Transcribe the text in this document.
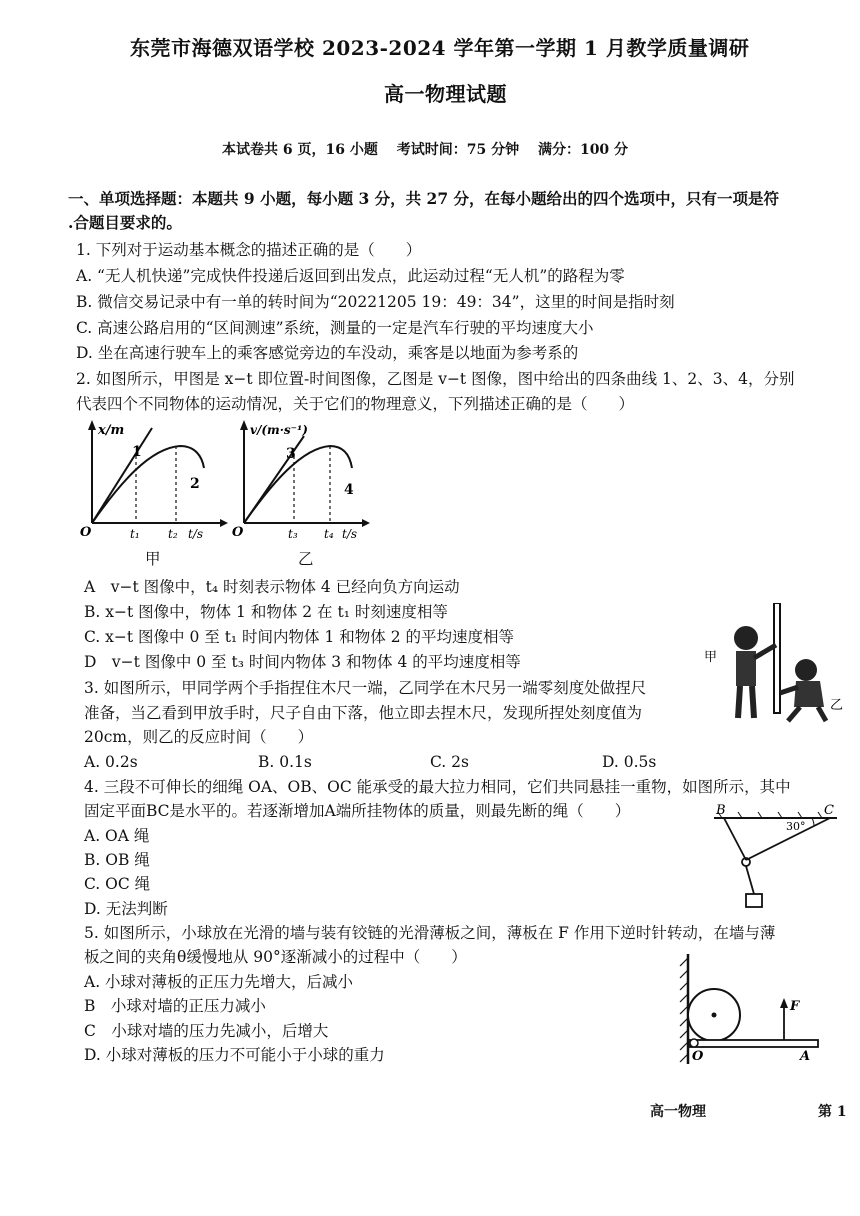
东莞市海德双语学校 2023-2024 学年第一学期 1 月教学质量调研
高一物理试题
本试卷共 6 页，16 小题　 考试时间：75 分钟　 满分：100 分
一、单项选择题：本题共 9 小题，每小题 3 分，共 27 分，在每小题给出的四个选项中，只有一项是符
.合题目要求的。
1. 下列对于运动基本概念的描述正确的是（　　）
A. “无人机快递”完成快件投递后返回到出发点，此运动过程“无人机”的路程为零
B. 微信交易记录中有一单的转时间为“20221205 19：49：34”，这里的时间是指时刻
C. 高速公路启用的“区间测速”系统，测量的一定是汽车行驶的平均速度大小
D. 坐在高速行驶车上的乘客感觉旁边的车没动，乘客是以地面为参考系的
2. 如图所示，甲图是 x−t 即位置-时间图像，乙图是 v−t 图像，图中给出的四条曲线 1、2、3、4，分别
代表四个不同物体的运动情况，关于它们的物理意义，下列描述正确的是（　　）
x/m
O	t₁ t₂ t/s
1
2
甲
v/(m·s⁻¹)
O	t₃ t₄ t/s
3
4
乙
A　v−t 图像中，t₄ 时刻表示物体 4 已经向负方向运动
B. x−t 图像中，物体 1 和物体 2 在 t₁ 时刻速度相等
C. x−t 图像中 0 至 t₁ 时间内物体 1 和物体 2 的平均速度相等
D　v−t 图像中 0 至 t₃ 时间内物体 3 和物体 4 的平均速度相等	甲
乙
3. 如图所示，甲同学两个手指捏住木尺一端，乙同学在木尺另一端零刻度处做捏尺
准备，当乙看到甲放手时，尺子自由下落，他立即去捏木尺，发现所捏处刻度值为
20cm，则乙的反应时间（　　）
A. 0.2s	B. 0.1s	C. 2s	D. 0.5s
4. 三段不可伸长的细绳 OA、OB、OC 能承受的最大拉力相同，它们共同悬挂一重物，如图所示，其中
固定平面BC是水平的。若逐渐增加A端所挂物体的质量，则最先断的绳（　　）	B	C
30°
A. OA 绳
B. OB 绳
C. OC 绳
D. 无法判断
5. 如图所示，小球放在光滑的墙与装有铰链的光滑薄板之间，薄板在 F 作用下逆时针转动，在墙与薄
板之间的夹角θ缓慢地从 90°逐渐减小的过程中（　　）
F
O	A
A. 小球对薄板的正压力先增大，后减小
B　小球对墙的正压力减小
C　小球对墙的压力先减小，后增大
D. 小球对薄板的压力不可能小于小球的重力
高一物理	第 1
